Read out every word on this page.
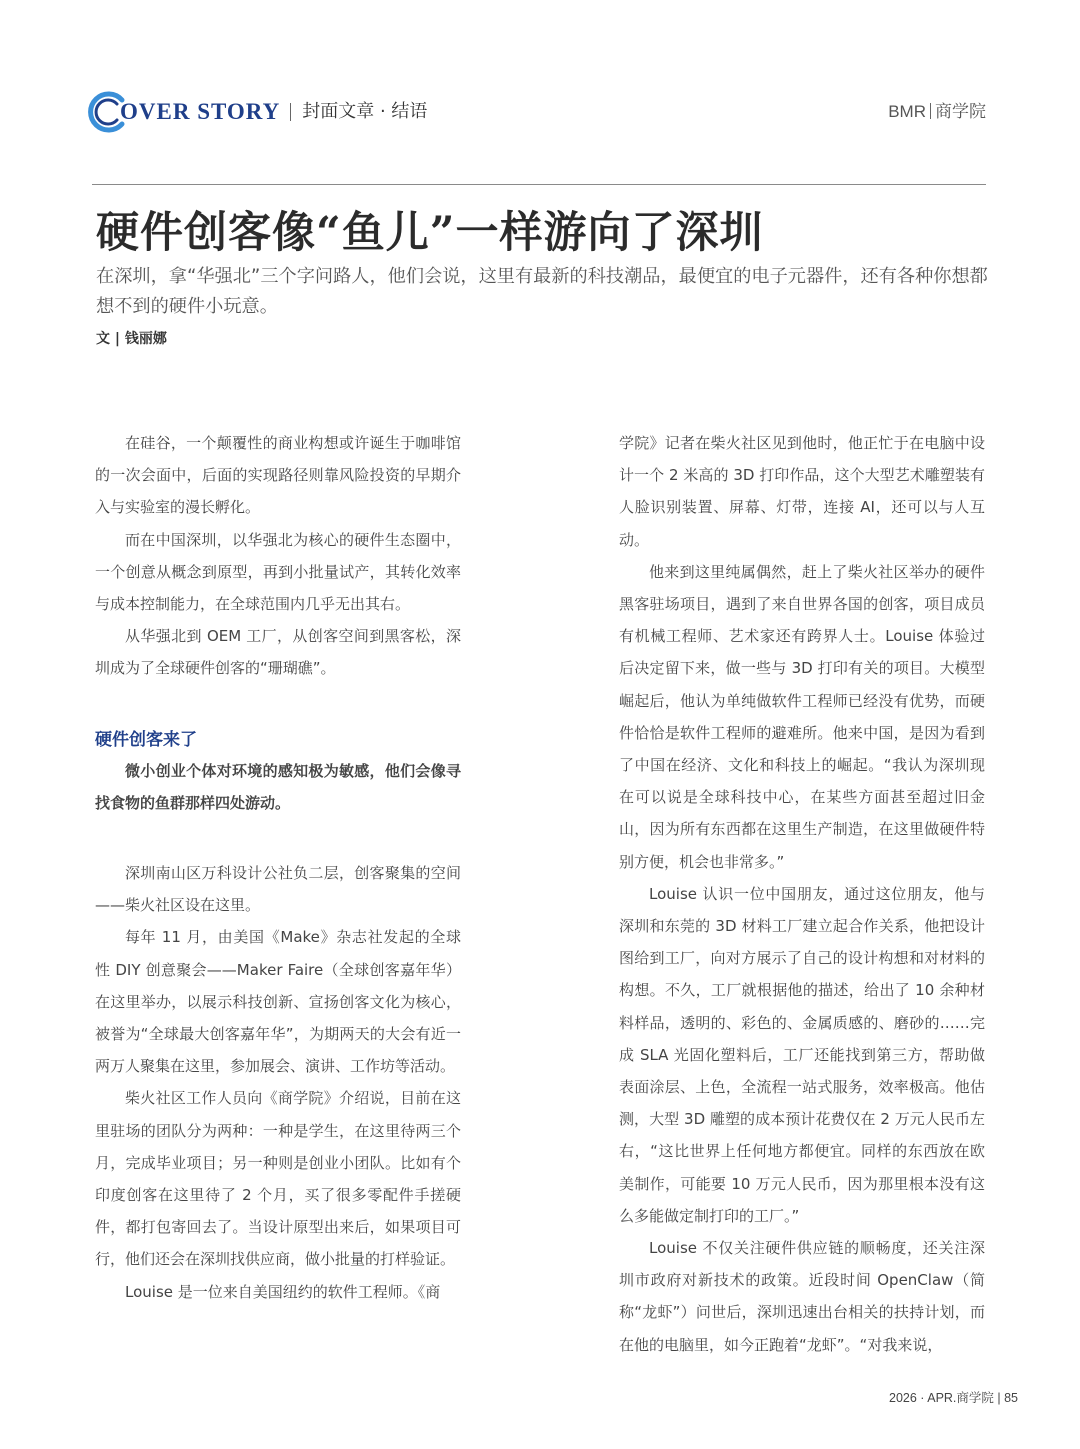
OVER STORY 封面文章 · 结语	BMR 商学院
硬件创客像“鱼儿”一样游向了深圳

在深圳，拿“华强北”三个字问路人，他们会说，这里有最新的科技潮品，最便宜的电子元器件，还有各种你想都想不到的硬件小玩意。

文 | 钱丽娜

在硅谷，一个颠覆性的商业构想或许诞生于咖啡馆的一次会面中，后面的实现路径则靠风险投资的早期介入与实验室的漫长孵化。

而在中国深圳，以华强北为核心的硬件生态圈中，一个创意从概念到原型，再到小批量试产，其转化效率与成本控制能力，在全球范围内几乎无出其右。

从华强北到 OEM 工厂，从创客空间到黑客松，深圳成为了全球硬件创客的“珊瑚礁”。

硬件创客来了

微小创业个体对环境的感知极为敏感，他们会像寻找食物的鱼群那样四处游动。

深圳南山区万科设计公社负二层，创客聚集的空间——柴火社区设在这里。

每年 11 月，由美国《Make》杂志社发起的全球性 DIY 创意聚会——Maker Faire（全球创客嘉年华）在这里举办，以展示科技创新、宣扬创客文化为核心，被誉为“全球最大创客嘉年华”，为期两天的大会有近一两万人聚集在这里，参加展会、演讲、工作坊等活动。

柴火社区工作人员向《商学院》介绍说，目前在这里驻场的团队分为两种：一种是学生，在这里待两三个月，完成毕业项目；另一种则是创业小团队。比如有个印度创客在这里待了 2 个月，买了很多零配件手搓硬件，都打包寄回去了。当设计原型出来后，如果项目可行，他们还会在深圳找供应商，做小批量的打样验证。

Louise 是一位来自美国纽约的软件工程师。《商

学院》记者在柴火社区见到他时，他正忙于在电脑中设计一个 2 米高的 3D 打印作品，这个大型艺术雕塑装有人脸识别装置、屏幕、灯带，连接 AI，还可以与人互动。

他来到这里纯属偶然，赶上了柴火社区举办的硬件黑客驻场项目，遇到了来自世界各国的创客，项目成员有机械工程师、艺术家还有跨界人士。Louise 体验过后决定留下来，做一些与 3D 打印有关的项目。大模型崛起后，他认为单纯做软件工程师已经没有优势，而硬件恰恰是软件工程师的避难所。他来中国，是因为看到了中国在经济、文化和科技上的崛起。“我认为深圳现在可以说是全球科技中心，在某些方面甚至超过旧金山，因为所有东西都在这里生产制造，在这里做硬件特别方便，机会也非常多。”

Louise 认识一位中国朋友，通过这位朋友，他与深圳和东莞的 3D 材料工厂建立起合作关系，他把设计图给到工厂，向对方展示了自己的设计构想和对材料的构想。不久，工厂就根据他的描述，给出了 10 余种材料样品，透明的、彩色的、金属质感的、磨砂的……完成 SLA 光固化塑料后，工厂还能找到第三方，帮助做表面涂层、上色，全流程一站式服务，效率极高。他估测，大型 3D 雕塑的成本预计花费仅在 2 万元人民币左右，“这比世界上任何地方都便宜。同样的东西放在欧美制作，可能要 10 万元人民币，因为那里根本没有这么多能做定制打印的工厂。”

Louise 不仅关注硬件供应链的顺畅度，还关注深圳市政府对新技术的政策。近段时间 OpenClaw（简称“龙虾”）问世后，深圳迅速出台相关的扶持计划，而在他的电脑里，如今正跑着“龙虾”。“对我来说，

2026 · APR.商学院 | 85
